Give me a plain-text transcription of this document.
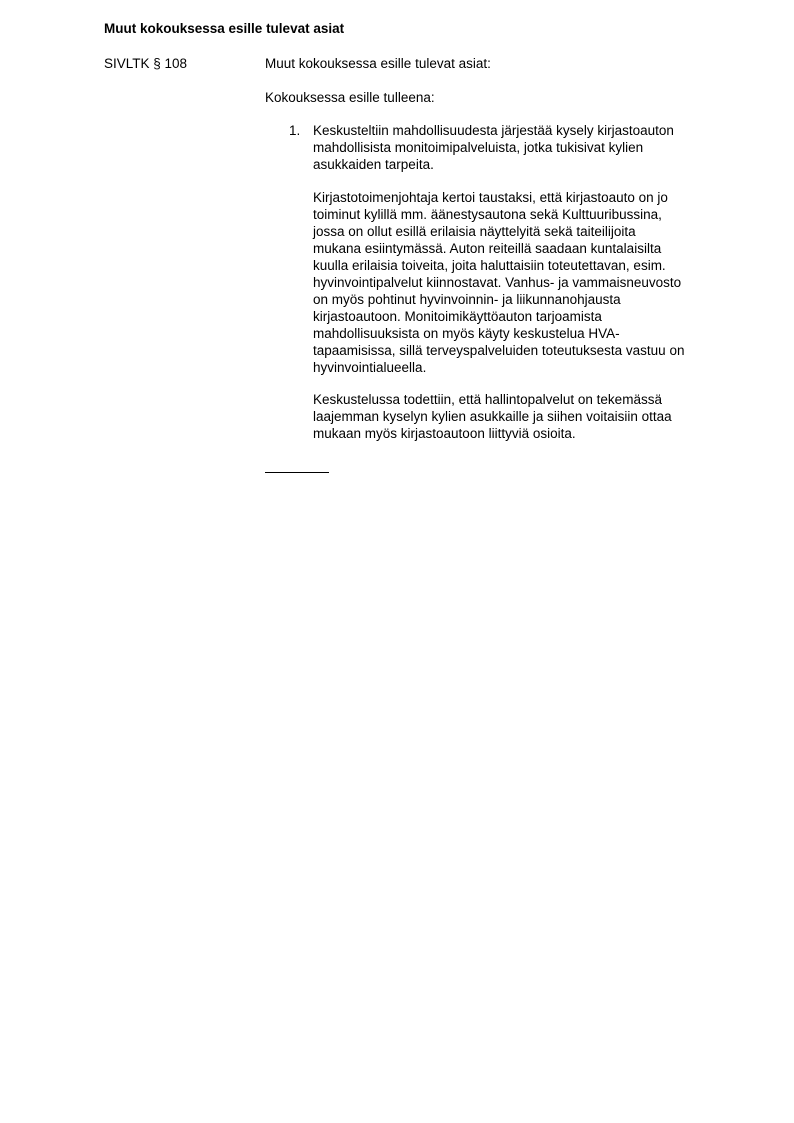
Muut kokouksessa esille tulevat asiat
SIVLTK § 108	Muut kokouksessa esille tulevat asiat:
Kokouksessa esille tulleena:
1. Keskusteltiin mahdollisuudesta järjestää kysely kirjastoauton
mahdollisista monitoimipalveluista, jotka tukisivat kylien
asukkaiden tarpeita.

Kirjastotoimenjohtaja kertoi taustaksi, että kirjastoauto on jo
toiminut kylillä mm. äänestysautona sekä Kulttuuribussina,
jossa on ollut esillä erilaisia näyttelyitä sekä taiteilijoita
mukana esiintymässä. Auton reiteillä saadaan kuntalaisilta
kuulla erilaisia toiveita, joita haluttaisiin toteutettavan, esim.
hyvinvointipalvelut kiinnostavat. Vanhus- ja vammaisneuvosto
on myös pohtinut hyvinvoinnin- ja liikunnanohjausta
kirjastoautoon. Monitoimikäyttöauton tarjoamista
mahdollisuuksista on myös käyty keskustelua HVA-
tapaamisissa, sillä terveyspalveluiden toteutuksesta vastuu on
hyvinvointialueella.

Keskustelussa todettiin, että hallintopalvelut on tekemässä
laajemman kyselyn kylien asukkaille ja siihen voitaisiin ottaa
mukaan myös kirjastoautoon liittyviä osioita.
